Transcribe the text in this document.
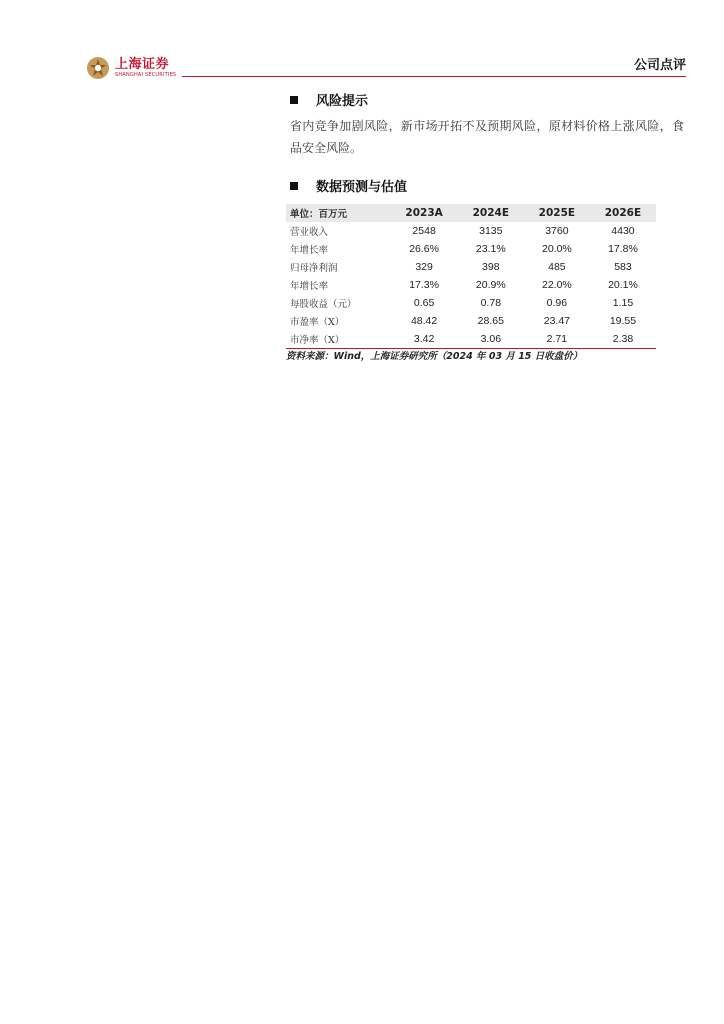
上海证券
SHANGHAI SECURITIES
公司点评
风险提示
省内竞争加剧风险，新市场开拓不及预期风险，原材料价格上涨风险，食品安全风险。
数据预测与估值
单位：百万元	2023A	2024E	2025E	2026E
营业收入	2548	3135	3760	4430
年增长率	26.6%	23.1%	20.0%	17.8%
归母净利润	329	398	485	583
年增长率	17.3%	20.9%	22.0%	20.1%
每股收益（元）	0.65	0.78	0.96	1.15
市盈率（X）	48.42	28.65	23.47	19.55
市净率（X）	3.42	3.06	2.71	2.38
资料来源：Wind，上海证券研究所（2024 年 03 月 15 日收盘价）
